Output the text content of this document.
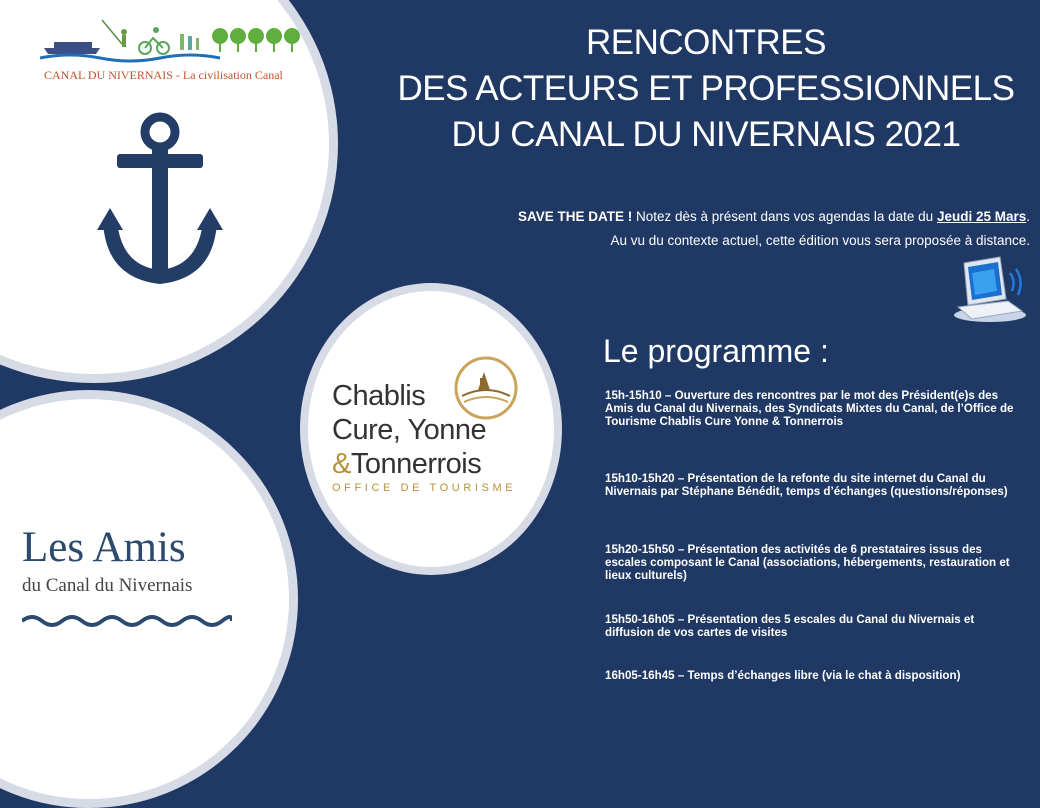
CANAL DU NIVERNAIS - La civilisation Canal
Chablis
Cure, Yonne
&Tonnerrois
OFFICE DE TOURISME
Les Amis
du Canal du Nivernais
RENCONTRES
DES ACTEURS ET PROFESSIONNELS
DU CANAL DU NIVERNAIS 2021
SAVE THE DATE ! Notez dès à présent dans vos agendas la date du Jeudi 25 Mars.
Au vu du contexte actuel, cette édition vous sera proposée à distance.
Le programme :
15h-15h10 – Ouverture des rencontres par le mot des Président(e)s des Amis du Canal du Nivernais, des Syndicats Mixtes du Canal, de l’Office de Tourisme Chablis Cure Yonne & Tonnerrois
15h10-15h20 – Présentation de la refonte du site internet du Canal du Nivernais par Stéphane Bénédit, temps d’échanges (questions/réponses)
15h20-15h50 – Présentation des activités de 6 prestataires issus des escales composant le Canal (associations, hébergements, restauration et lieux culturels)
15h50-16h05 – Présentation des 5 escales du Canal du Nivernais et diffusion de vos cartes de visites
16h05-16h45 – Temps d’échanges libre (via le chat à disposition)
